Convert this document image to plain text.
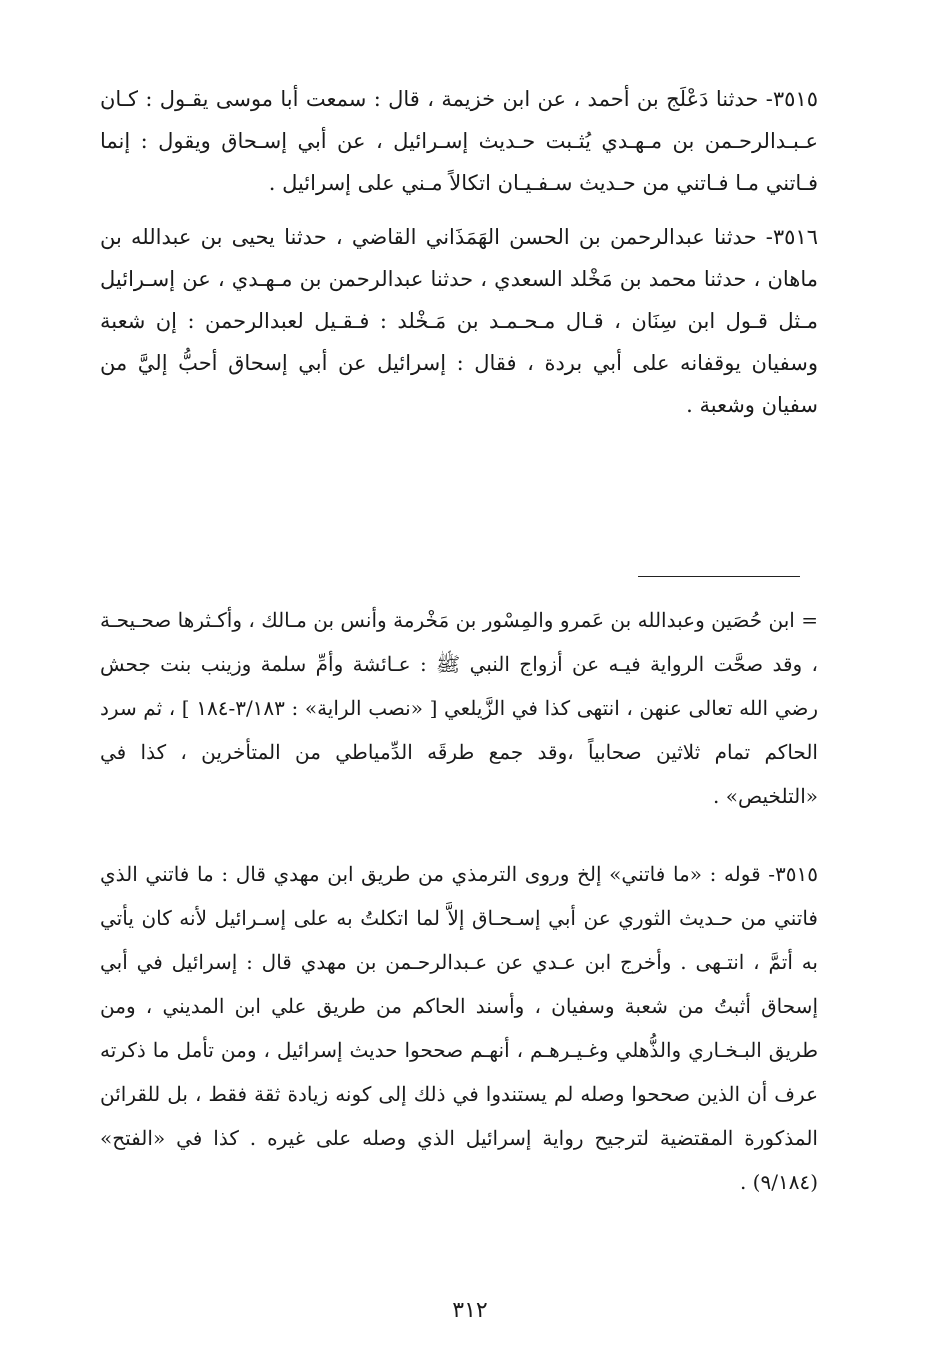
٣٥١٥- حدثنا دَعْلَج بن أحمد ، عن ابن خزيمة ، قال : سمعت أبا موسى يقـول : كـان عـبـدالرحـمن بن مـهـدي يُثـبت حـديث إسـرائيل ، عن أبي إسـحاق ويقول : إنما فـاتني مـا فـاتني من حـديث سـفـيـان اتكالاً مـني على إسرائيل .

٣٥١٦- حدثنا عبدالرحمن بن الحسن الهَمَذَاني القاضي ، حدثنا يحيى بن عبدالله بن ماهان ، حدثنا محمد بن مَخْلد السعدي ، حدثنا عبدالرحمن بن مـهـدي ، عن إسـرائيل مـثل قـول ابن سِنَان ، قـال مـحـمـد بن مَـخْلد : فـقـيل لعبدالرحمن : إن شعبة وسفيان يوقفانه على أبي بردة ، فقال : إسرائيل عن أبي إسحاق أحبُّ إليَّ من سفيان وشعبة .

= ابن حُصَين وعبدالله بن عَمرو والمِسْور بن مَخْرمة وأنس بن مـالك ، وأكـثرها صحـيحـة ، وقد صحَّت الرواية فيـه عن أزواج النبي ﷺ : عـائشة وأمِّ سلمة وزينب بنت جحش رضي الله تعالى عنهن ، انتهى كذا في الزَّيلعي [ «نصب الراية» : ٣/١٨٣-١٨٤ ] ، ثم سرد الحاكم تمام ثلاثين صحابياً ،وقد جمع طرقَه الدِّمياطي من المتأخرين ، كذا في «التلخيص» .

٣٥١٥- قوله : «ما فاتني» إلخ وروى الترمذي من طريق ابن مهدي قال : ما فاتني الذي فاتني من حـديث الثوري عن أبي إسـحـاق إلاَّ لما اتكلتُ به على إسـرائيل لأنه كان يأتي به أتمَّ ، انتـهى . وأخرج ابن عـدي عن عـبدالرحـمن بن مهدي قال : إسرائيل في أبي إسحاق أثبتُ من شعبة وسفيان ، وأسند الحاكم من طريق علي ابن المديني ، ومن طريق البـخـاري والذُّهلي وغـيـرهـم ، أنهـم صححوا حديث إسرائيل ، ومن تأمل ما ذكرته عرف أن الذين صححوا وصله لم يستندوا في ذلك إلى كونه زيادة ثقة فقط ، بل للقرائن المذكورة المقتضية لترجيح رواية إسرائيل الذي وصله على غيره . كذا في «الفتح» (٩/١٨٤) .

٣١٢
